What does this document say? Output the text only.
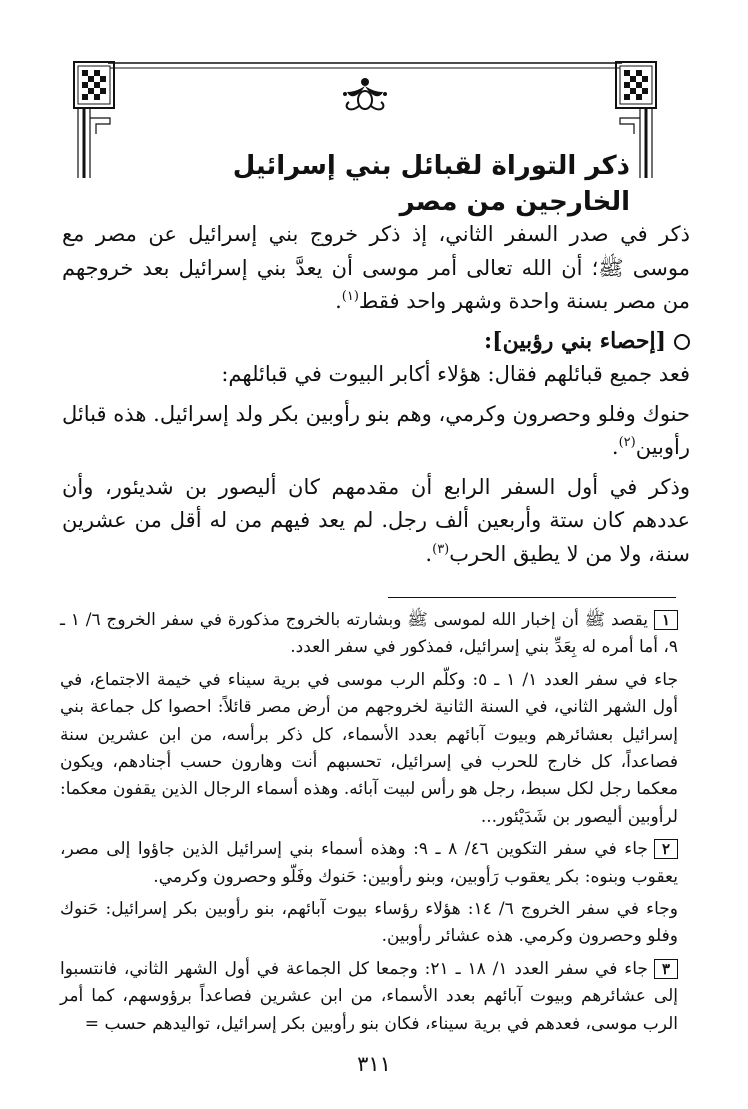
ذكر التوراة لقبائل بني إسرائيل الخارجين من مصر

ذكر في صدر السفر الثاني، إذ ذكر خروج بني إسرائيل عن مصر مع موسى ﷺ؛ أن الله تعالى أمر موسى أن يعدَّ بني إسرائيل بعد خروجهم من مصر بسنة واحدة وشهر واحد فقط$^{(١)}$.

[إحصاء بني رؤبين]:

فعد جميع قبائلهم فقال: هؤلاء أكابر البيوت في قبائلهم:

حنوك وفلو وحصرون وكرمي، وهم بنو رأوبين بكر ولد إسرائيل. هذه قبائل رأوبين$^{(٢)}$.

وذكر في أول السفر الرابع أن مقدمهم كان أليصور بن شديئور، وأن عددهم كان ستة وأربعين ألف رجل. لم يعد فيهم من له أقل من عشرين سنة، ولا من لا يطيق الحرب$^{(٣)}$.

١يقصد ﷺ أن إخبار الله لموسى ﷺ وبشارته بالخروج مذكورة في سفر الخروج ٦/ ١ ـ ٩، أما أمره له بِعَدِّ بني إسرائيل، فمذكور في سفر العدد.

جاء في سفر العدد ١/ ١ ـ ٥: وكلّم الرب موسى في برية سيناء في خيمة الاجتماع، في أول الشهر الثاني، في السنة الثانية لخروجهم من أرض مصر قائلاً: احصوا كل جماعة بني إسرائيل بعشائرهم وبيوت آبائهم بعدد الأسماء، كل ذكر برأسه، من ابن عشرين سنة فصاعداً، كل خارج للحرب في إسرائيل، تحسبهم أنت وهارون حسب أجنادهم، ويكون معكما رجل لكل سبط، رجل هو رأس لبيت آبائه. وهذه أسماء الرجال الذين يقفون معكما: لرأوبين أليصور بن شَدَيْئور...

٢جاء في سفر التكوين ٤٦/ ٨ ـ ٩: وهذه أسماء بني إسرائيل الذين جاؤوا إلى مصر، يعقوب وبنوه: بكر يعقوب رَأوبين، وبنو رأوبين: حَنوك وفَلّو وحصرون وكرمي.

وجاء في سفر الخروج ٦/ ١٤: هؤلاء رؤساء بيوت آبائهم، بنو رأوبين بكر إسرائيل: حَنوك وفلو وحصرون وكرمي. هذه عشائر رأوبين.

٣جاء في سفر العدد ١/ ١٨ ـ ٢١: وجمعا كل الجماعة في أول الشهر الثاني، فانتسبوا إلى عشائرهم وبيوت آبائهم بعدد الأسماء، من ابن عشرين فصاعداً برؤوسهم، كما أمر الرب موسى، فعدهم في برية سيناء، فكان بنو رأوبين بكر إسرائيل، تواليدهم حسب =

٣١١
